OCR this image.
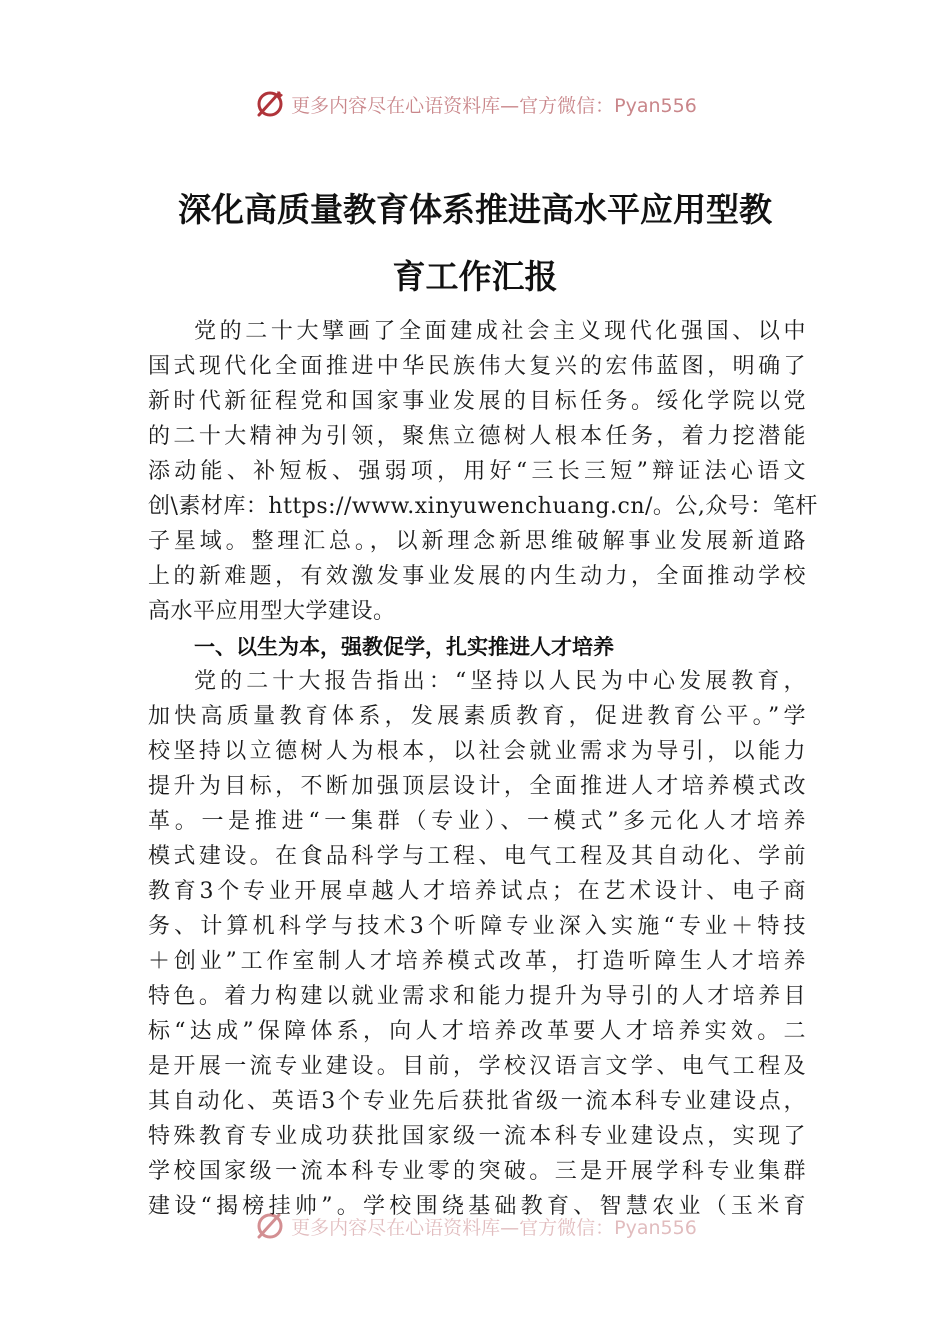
更多内容尽在心语资料库—官方微信：Pyan556
深化高质量教育体系推进高水平应用型教
育工作汇报
党的二十大擘画了全面建成社会主义现代化强国、以中
国式现代化全面推进中华民族伟大复兴的宏伟蓝图，明确了
新时代新征程党和国家事业发展的目标任务。绥化学院以党
的二十大精神为引领，聚焦立德树人根本任务，着力挖潜能
添动能、补短板、强弱项，用好“三长三短”辩证法心语文
创\素材库：https://www.xinyuwenchuang.cn/。公,众号：笔杆
子星域。整理汇总。，以新理念新思维破解事业发展新道路
上的新难题，有效激发事业发展的内生动力，全面推动学校
高水平应用型大学建设。
一、以生为本，强教促学，扎实推进人才培养
党的二十大报告指出：“坚持以人民为中心发展教育，
加快高质量教育体系，发展素质教育，促进教育公平。”学
校坚持以立德树人为根本，以社会就业需求为导引，以能力
提升为目标，不断加强顶层设计，全面推进人才培养模式改
革。一是推进“一集群（专业）、一模式”多元化人才培养
模式建设。在食品科学与工程、电气工程及其自动化、学前
教育3个专业开展卓越人才培养试点；在艺术设计、电子商
务、计算机科学与技术3个听障专业深入实施“专业＋特技
＋创业”工作室制人才培养模式改革，打造听障生人才培养
特色。着力构建以就业需求和能力提升为导引的人才培养目
标“达成”保障体系，向人才培养改革要人才培养实效。二
是开展一流专业建设。目前，学校汉语言文学、电气工程及
其自动化、英语3个专业先后获批省级一流本科专业建设点，
特殊教育专业成功获批国家级一流本科专业建设点，实现了
学校国家级一流本科专业零的突破。三是开展学科专业集群
建设“揭榜挂帅”。学校围绕基础教育、智慧农业（玉米育
更多内容尽在心语资料库—官方微信：Pyan556
